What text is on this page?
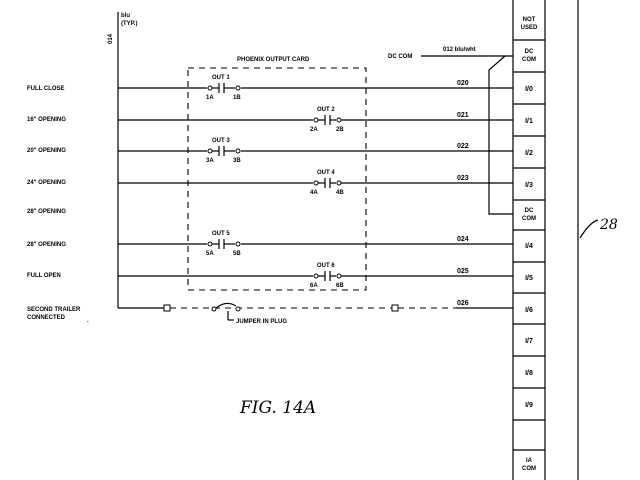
014
blu
(TYP.)
PHOENIX OUTPUT CARD	DC COM
012 blu/wht
FULL CLOSE
OUT 1
1A	1B
020
16" OPENING
OUT 2
2A	2B
021
20" OPENING
OUT 3
3A	3B
022
24" OPENING
OUT 4
4A	4B
023
28" OPENING
28" OPENING
OUT 5
5A	5B
024
FULL OPEN
OUT 6
6A	6B
025
SECOND TRAILER
CONNECTED	.	JUMPER IN PLUG
026
NOT
USED
DC
COM
I/0
I/1
I/2
I/3
DC
COM
I/4
I/5
I/6
I/7
I/8
I/9
IA
COM
28
FIG. 14A
